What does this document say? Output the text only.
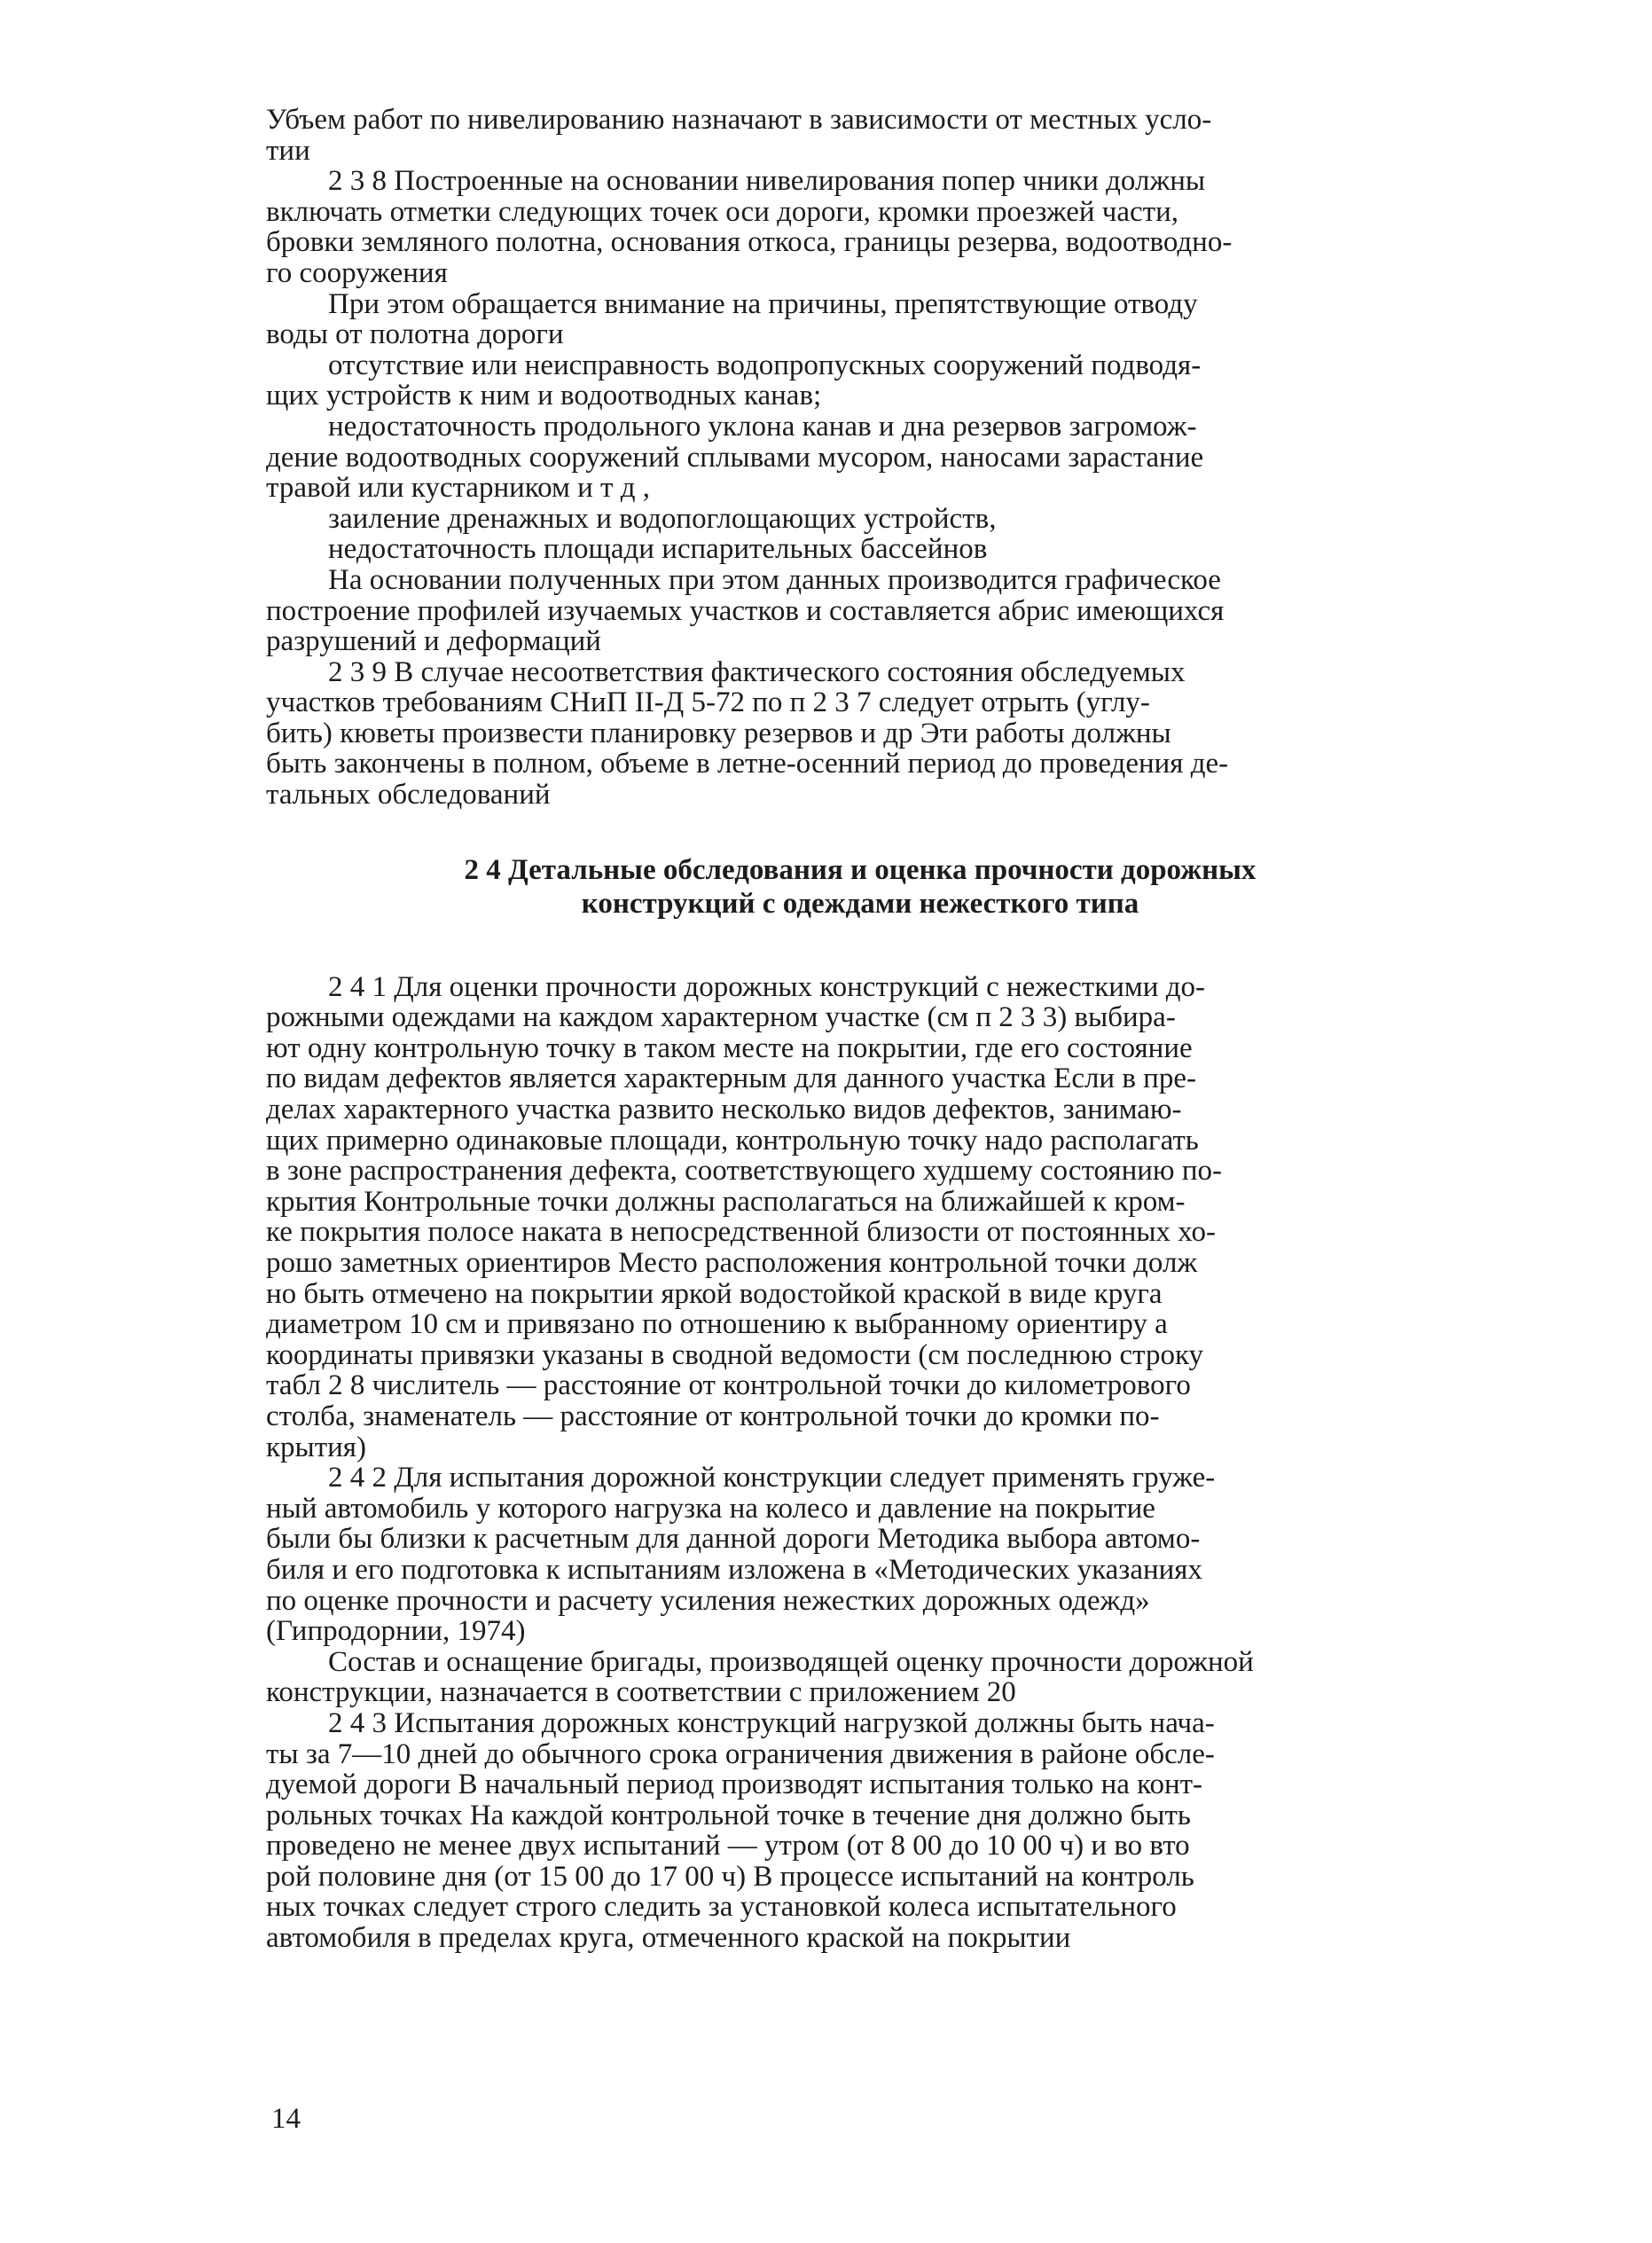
Убъем работ по нивелированию назначают в зависимости от местных усло-
тии
2 3 8 Построенные на основании нивелирования попер чники должны
включать отметки следующих точек оси дороги, кромки проезжей части,
бровки земляного полотна, основания откоса, границы резерва, водоотводно-
го сооружения
При этом обращается внимание на причины, препятствующие отводу
воды от полотна дороги
отсутствие или неисправность водопропускных сооружений подводя-
щих устройств к ним и водоотводных канав;
недостаточность продольного уклона канав и дна резервов загромож-
дение водоотводных сооружений сплывами мусором, наносами зарастание
травой или кустарником и т д ,
заиление дренажных и водопоглощающих устройств,
недостаточность площади испарительных бассейнов
На основании полученных при этом данных производится графическое
построение профилей изучаемых участков и составляется абрис имеющихся
разрушений и деформаций
2 3 9 В случае несоответствия фактического состояния обследуемых
участков требованиям СНиП ІІ-Д 5-72 по п 2 3 7 следует отрыть (углу-
бить) кюветы произвести планировку резервов и др Эти работы должны
быть закончены в полном, объеме в летне-осенний период до проведения де-
тальных обследований
2 4 Детальные обследования и оценка прочности дорожных
конструкций с одеждами нежесткого типа
2 4 1 Для оценки прочности дорожных конструкций с нежесткими до-
рожными одеждами на каждом характерном участке (см п 2 3 3) выбира-
ют одну контрольную точку в таком месте на покрытии, где его состояние
по видам дефектов является характерным для данного участка Если в пре-
делах характерного участка развито несколько видов дефектов, занимаю-
щих примерно одинаковые площади, контрольную точку надо располагать
в зоне распространения дефекта, соответствующего худшему состоянию по-
крытия Контрольные точки должны располагаться на ближайшей к кром-
ке покрытия полосе наката в непосредственной близости от постоянных хо-
рошо заметных ориентиров Место расположения контрольной точки долж
но быть отмечено на покрытии яркой водостойкой краской в виде круга
диаметром 10 см и привязано по отношению к выбранному ориентиру а
координаты привязки указаны в сводной ведомости (см последнюю строку
табл 2 8 числитель — расстояние от контрольной точки до километрового
столба, знаменатель — расстояние от контрольной точки до кромки по-
крытия)
2 4 2 Для испытания дорожной конструкции следует применять груже-
ный автомобиль у которого нагрузка на колесо и давление на покрытие
были бы близки к расчетным для данной дороги Методика выбора автомо-
биля и его подготовка к испытаниям изложена в «Методических указаниях
по оценке прочности и расчету усиления нежестких дорожных одежд»
(Гипродорнии, 1974)
Состав и оснащение бригады, производящей оценку прочности дорожной
конструкции, назначается в соответствии с приложением 20
2 4 3 Испытания дорожных конструкций нагрузкой должны быть нача-
ты за 7—10 дней до обычного срока ограничения движения в районе обсле-
дуемой дороги В начальный период производят испытания только на конт-
рольных точках На каждой контрольной точке в течение дня должно быть
проведено не менее двух испытаний — утром (от 8 00 до 10 00 ч) и во вто
рой половине дня (от 15 00 до 17 00 ч) В процессе испытаний на контроль
ных точках следует строго следить за установкой колеса испытательного
автомобиля в пределах круга, отмеченного краской на покрытии
14
